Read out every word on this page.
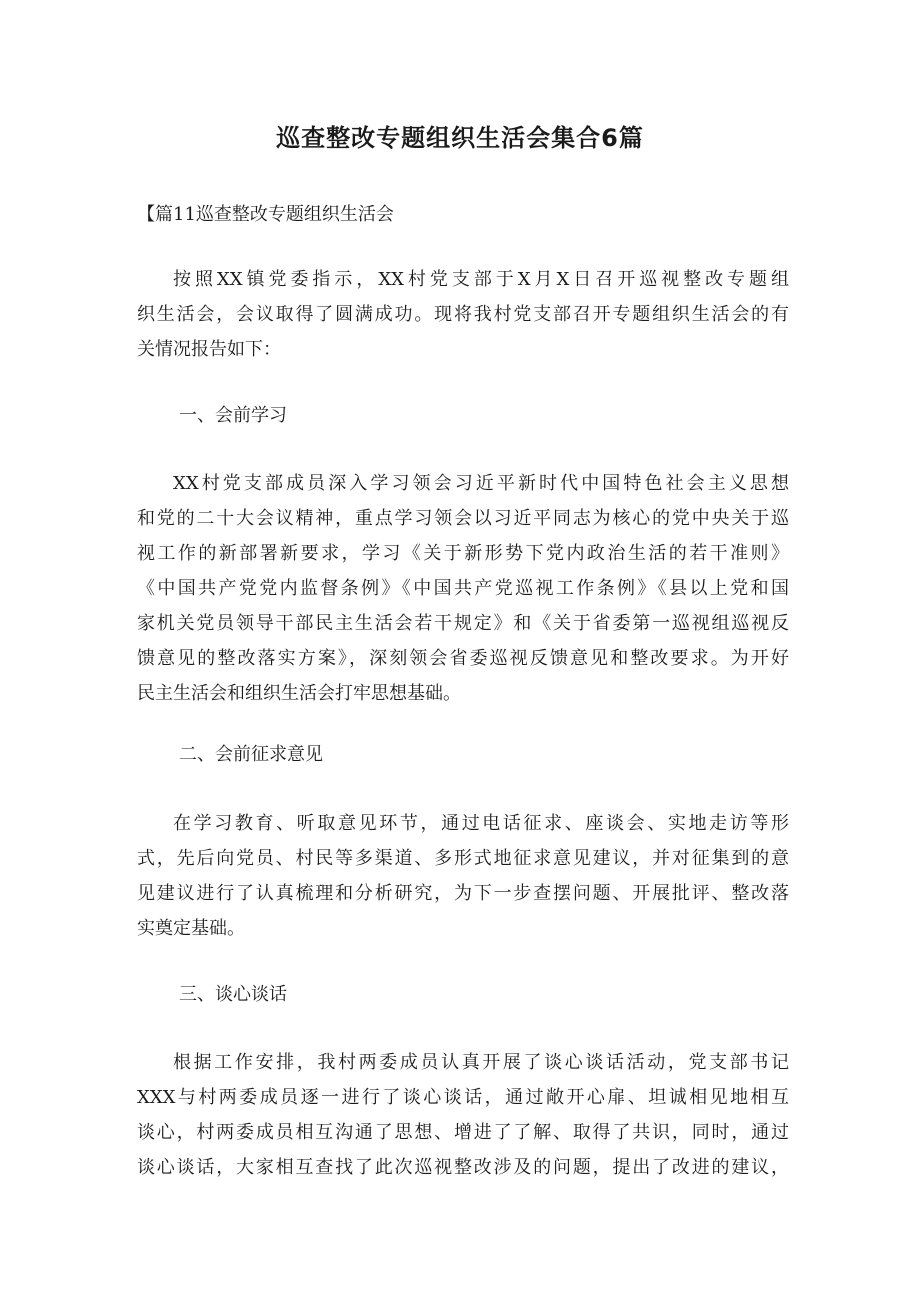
巡查整改专题组织生活会集合6篇

【篇11巡查整改专题组织生活会

按照XX镇党委指示，XX村党支部于X月X日召开巡视整改专题组
织生活会，会议取得了圆满成功。现将我村党支部召开专题组织生活会的有
关情况报告如下：

一、会前学习

XX村党支部成员深入学习领会习近平新时代中国特色社会主义思想
和党的二十大会议精神，重点学习领会以习近平同志为核心的党中央关于巡
视工作的新部署新要求，学习《关于新形势下党内政治生活的若干准则》
《中国共产党党内监督条例》《中国共产党巡视工作条例》《县以上党和国
家机关党员领导干部民主生活会若干规定》和《关于省委第一巡视组巡视反
馈意见的整改落实方案》，深刻领会省委巡视反馈意见和整改要求。为开好
民主生活会和组织生活会打牢思想基础。

二、会前征求意见

在学习教育、听取意见环节，通过电话征求、座谈会、实地走访等形
式，先后向党员、村民等多渠道、多形式地征求意见建议，并对征集到的意
见建议进行了认真梳理和分析研究，为下一步查摆问题、开展批评、整改落
实奠定基础。

三、谈心谈话

根据工作安排，我村两委成员认真开展了谈心谈话活动，党支部书记
XXX与村两委成员逐一进行了谈心谈话，通过敞开心扉、坦诚相见地相互
谈心，村两委成员相互沟通了思想、增进了了解、取得了共识，同时，通过
谈心谈话，大家相互查找了此次巡视整改涉及的问题，提出了改进的建议，
